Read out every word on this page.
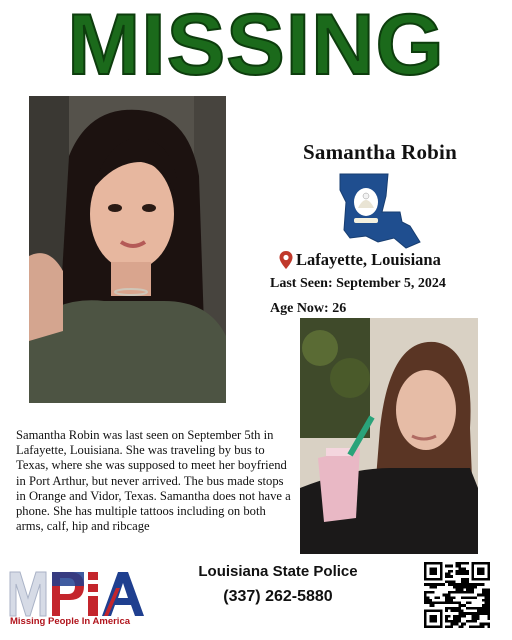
MISSING
Samantha Robin
Lafayette, Louisiana
Last Seen: September 5, 2024
Age Now: 26
Samantha Robin was last seen on September 5th in Lafayette, Louisiana. She was traveling by bus to Texas, where she was supposed to meet her boyfriend in Port Arthur, but never arrived. The bus made stops in Orange and Vidor, Texas. Samantha does not have a phone. She has multiple tattoos including on both arms, calf, hip and ribcage
Missing People In America
Louisiana State Police
(337) 262-5880
